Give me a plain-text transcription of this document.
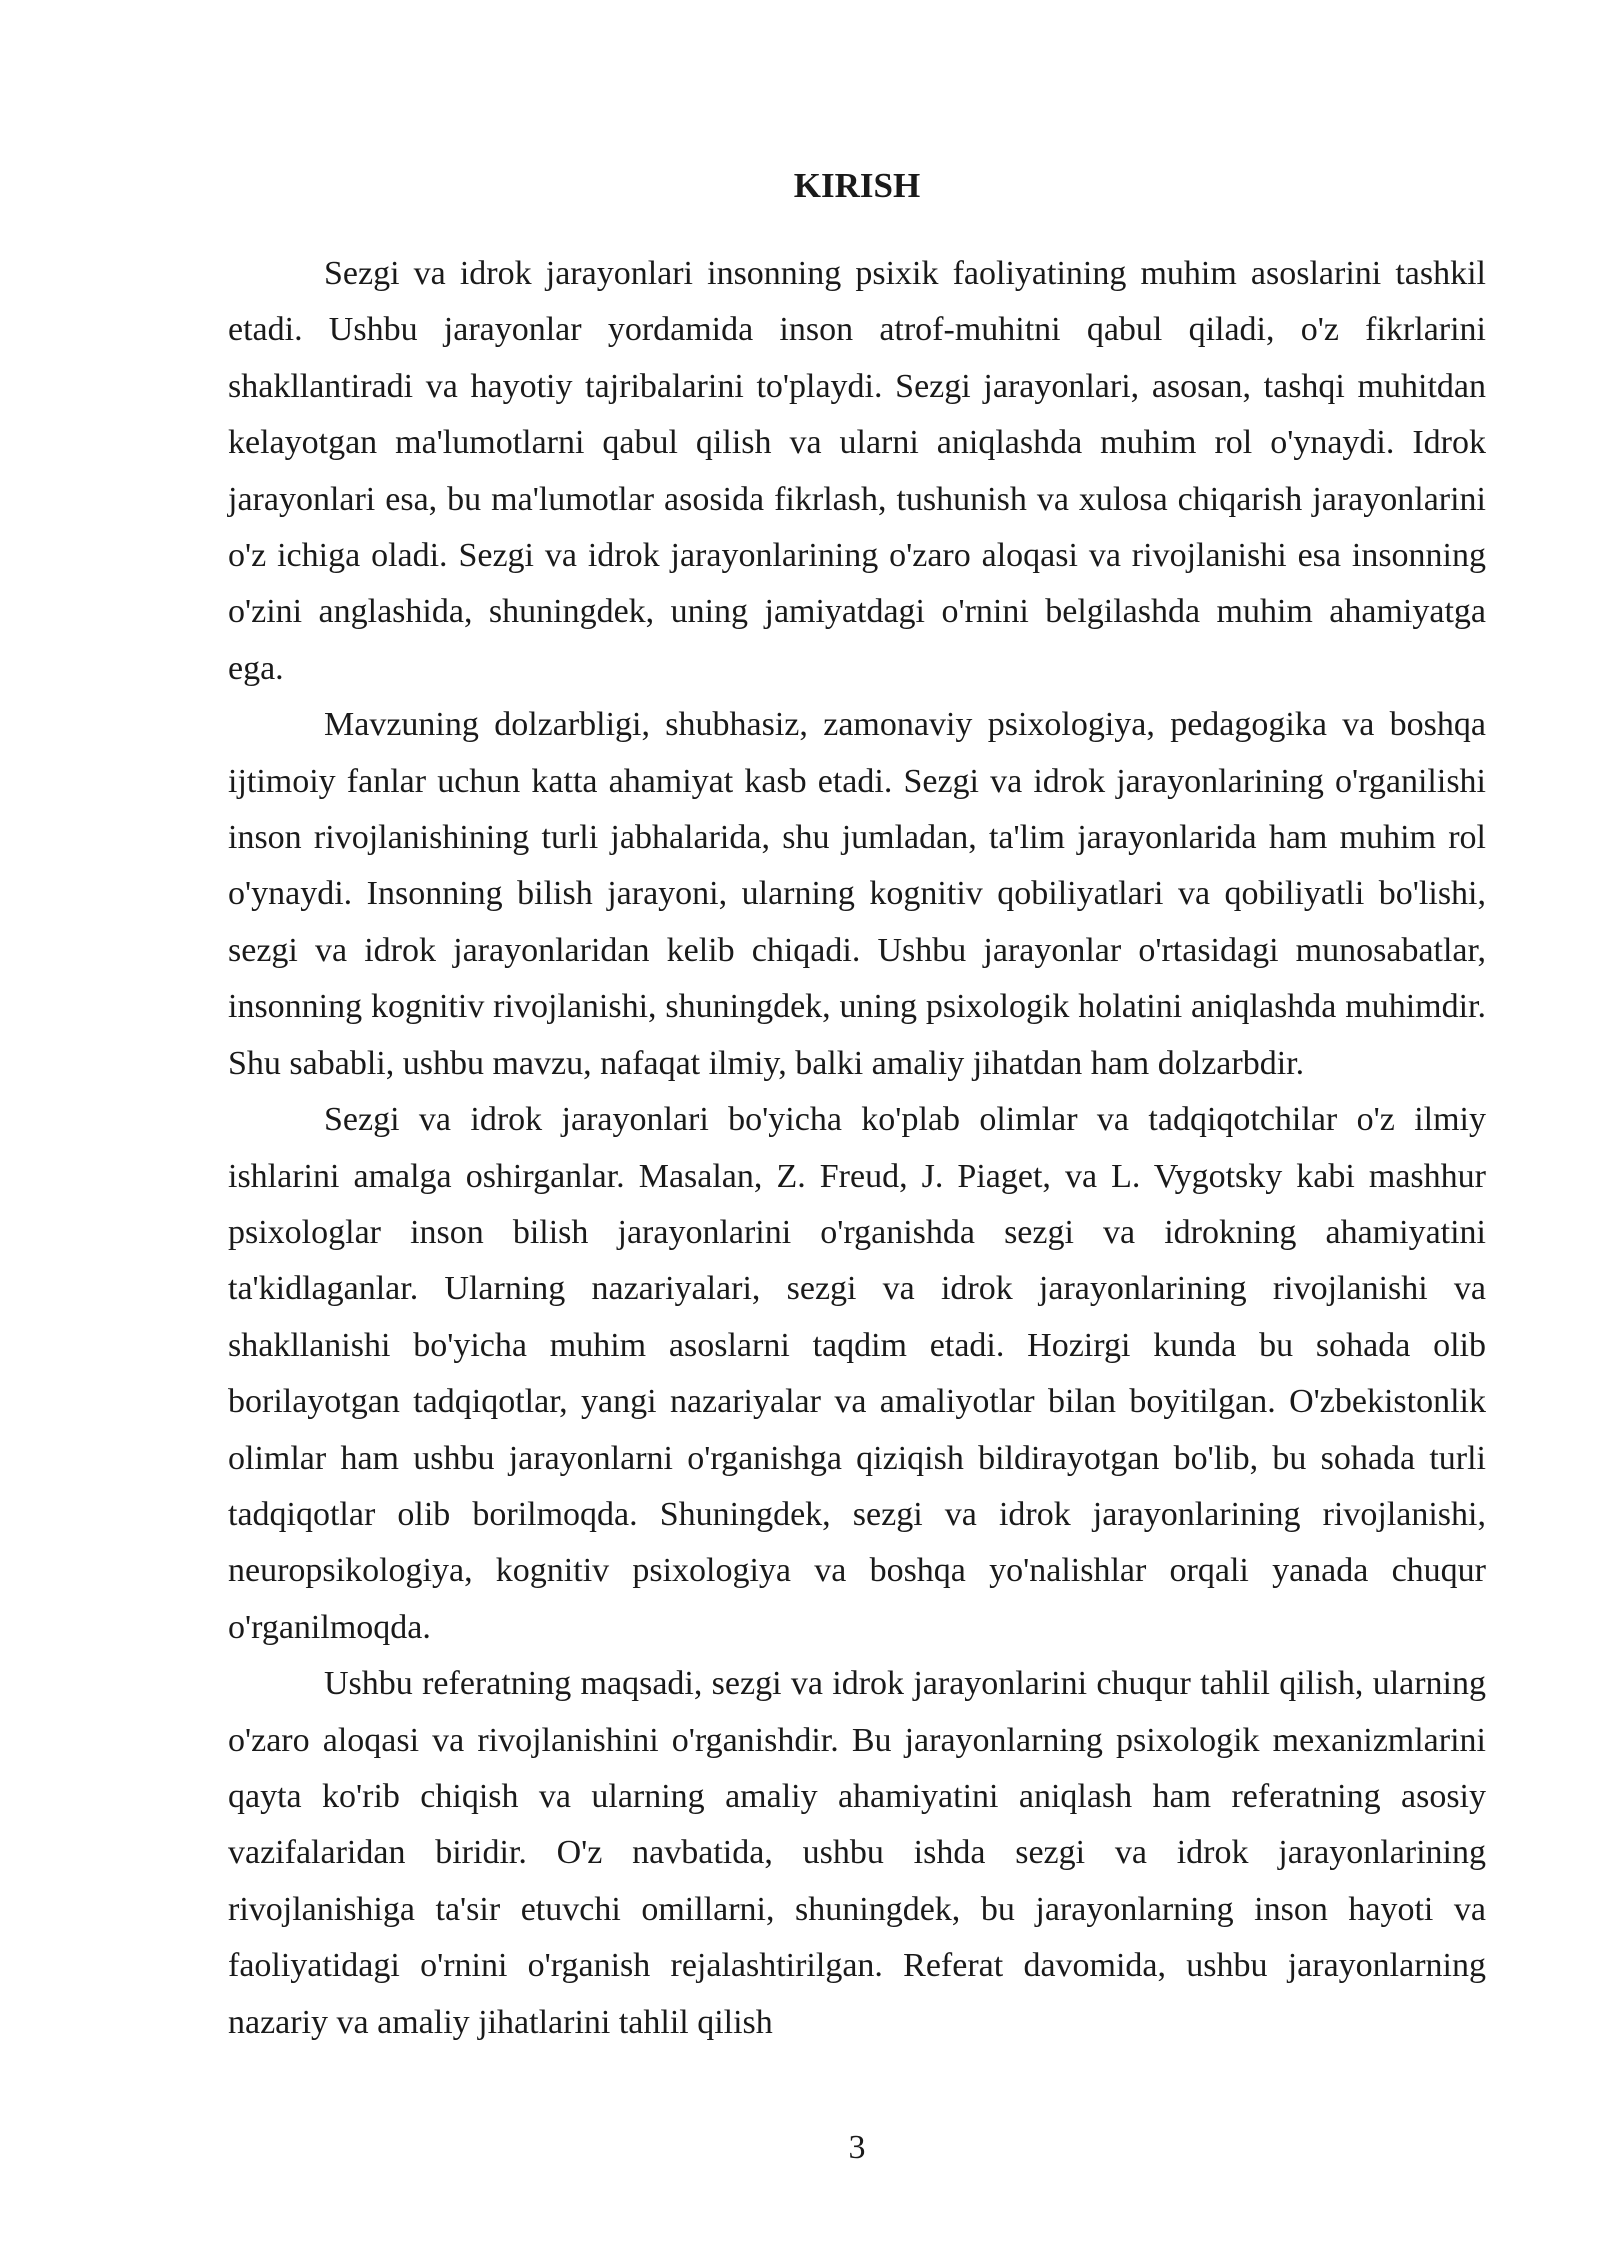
KIRISH

Sezgi va idrok jarayonlari insonning psixik faoliyatining muhim asoslarini tashkil etadi. Ushbu jarayonlar yordamida inson atrof-muhitni qabul qiladi, o'z fikrlarini shakllantiradi va hayotiy tajribalarini to'playdi. Sezgi jarayonlari, asosan, tashqi muhitdan kelayotgan ma'lumotlarni qabul qilish va ularni aniqlashda muhim rol o'ynaydi. Idrok jarayonlari esa, bu ma'lumotlar asosida fikrlash, tushunish va xulosa chiqarish jarayonlarini o'z ichiga oladi. Sezgi va idrok jarayonlarining o'zaro aloqasi va rivojlanishi esa insonning o'zini anglashida, shuningdek, uning jamiyatdagi o'rnini belgilashda muhim ahamiyatga ega.

Mavzuning dolzarbligi, shubhasiz, zamonaviy psixologiya, pedagogika va boshqa ijtimoiy fanlar uchun katta ahamiyat kasb etadi. Sezgi va idrok jarayonlarining o'rganilishi inson rivojlanishining turli jabhalarida, shu jumladan, ta'lim jarayonlarida ham muhim rol o'ynaydi. Insonning bilish jarayoni, ularning kognitiv qobiliyatlari va qobiliyatli bo'lishi, sezgi va idrok jarayonlaridan kelib chiqadi. Ushbu jarayonlar o'rtasidagi munosabatlar, insonning kognitiv rivojlanishi, shuningdek, uning psixologik holatini aniqlashda muhimdir. Shu sababli, ushbu mavzu, nafaqat ilmiy, balki amaliy jihatdan ham dolzarbdir.

Sezgi va idrok jarayonlari bo'yicha ko'plab olimlar va tadqiqotchilar o'z ilmiy ishlarini amalga oshirganlar. Masalan, Z. Freud, J. Piaget, va L. Vygotsky kabi mashhur psixologlar inson bilish jarayonlarini o'rganishda sezgi va idrokning ahamiyatini ta'kidlaganlar. Ularning nazariyalari, sezgi va idrok jarayonlarining rivojlanishi va shakllanishi bo'yicha muhim asoslarni taqdim etadi. Hozirgi kunda bu sohada olib borilayotgan tadqiqotlar, yangi nazariyalar va amaliyotlar bilan boyitilgan. O'zbekistonlik olimlar ham ushbu jarayonlarni o'rganishga qiziqish bildirayotgan bo'lib, bu sohada turli tadqiqotlar olib borilmoqda. Shuningdek, sezgi va idrok jarayonlarining rivojlanishi, neuropsikologiya, kognitiv psixologiya va boshqa yo'nalishlar orqali yanada chuqur o'rganilmoqda.

Ushbu referatning maqsadi, sezgi va idrok jarayonlarini chuqur tahlil qilish, ularning o'zaro aloqasi va rivojlanishini o'rganishdir. Bu jarayonlarning psixologik mexanizmlarini qayta ko'rib chiqish va ularning amaliy ahamiyatini aniqlash ham referatning asosiy vazifalaridan biridir. O'z navbatida, ushbu ishda sezgi va idrok jarayonlarining rivojlanishiga ta'sir etuvchi omillarni, shuningdek, bu jarayonlarning inson hayoti va faoliyatidagi o'rnini o'rganish rejalashtirilgan. Referat davomida, ushbu jarayonlarning nazariy va amaliy jihatlarini tahlil qilish

3
